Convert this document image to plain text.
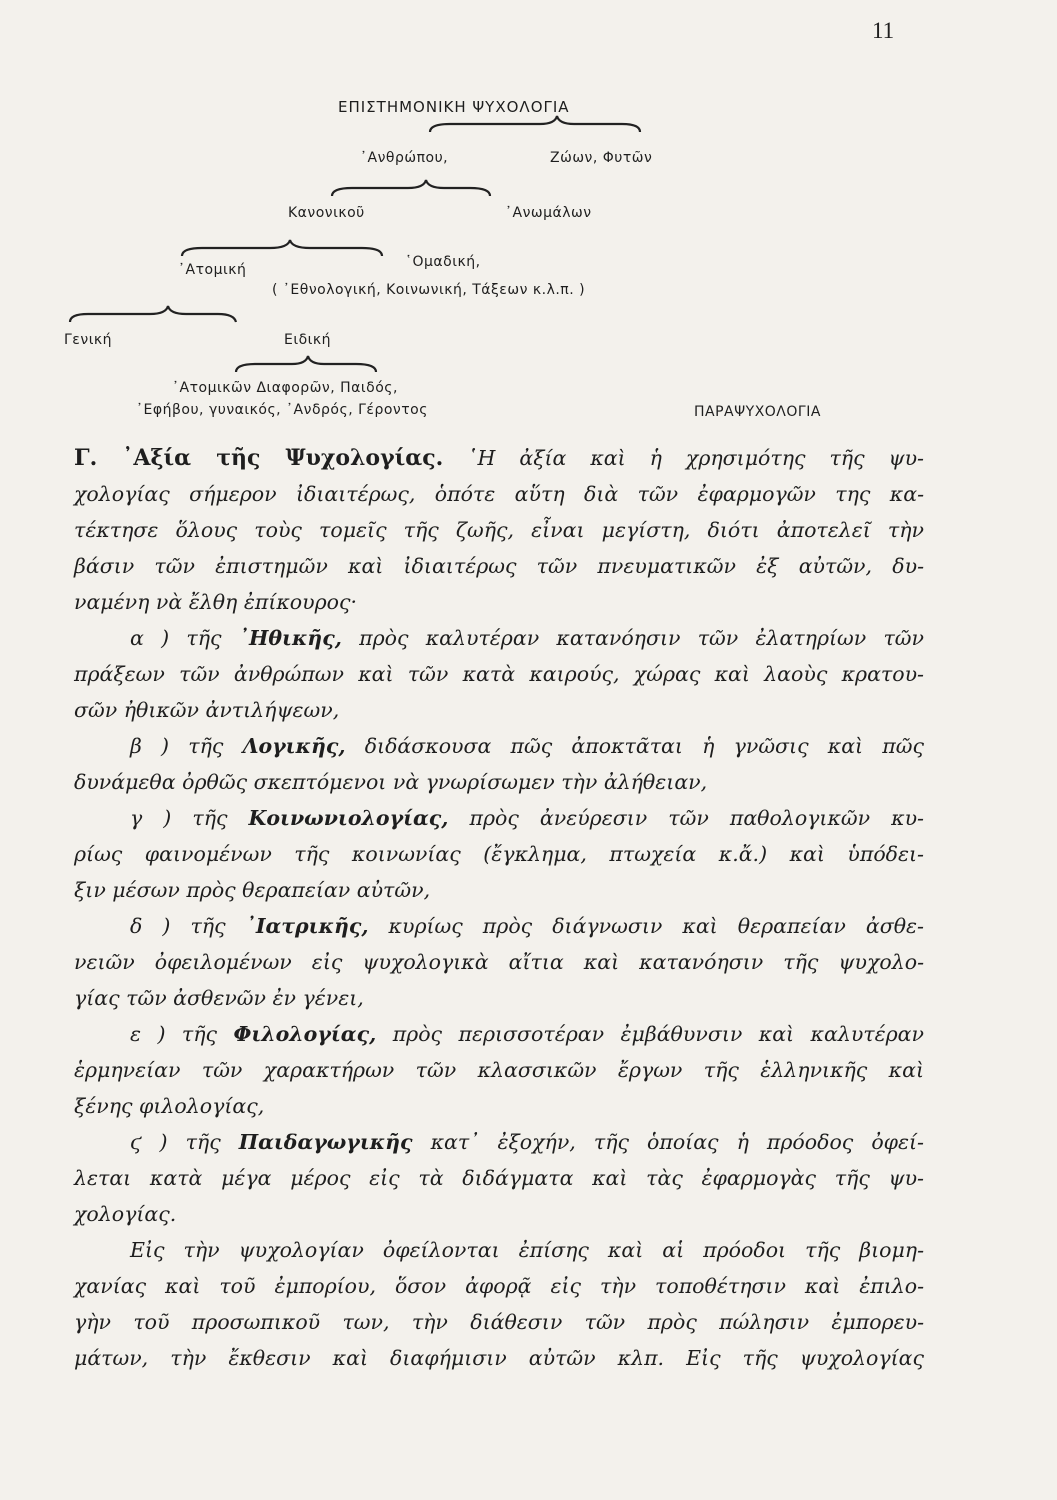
11
ΕΠΙΣΤΗΜΟΝΙΚΗ ΨΥΧΟΛΟΓΙΑ
᾿Ανθρώπου,	Ζώων, Φυτῶν
Κανονικοῦ	᾿Ανωμάλων
᾿Ατομική	῾Ομαδική,
( ᾿Εθνολογική, Κοινωνική, Τάξεων κ.λ.π. )
Γενική	Ειδική
᾿Ατομικῶν Διαφορῶν, Παιδός,
᾿Εφήβου, γυναικός, ᾿Ανδρός, Γέροντος	ΠΑΡΑΨΥΧΟΛΟΓΙΑ
Γ. ᾿Αξία τῆς Ψυχολογίας. ῾Η ἀξία καὶ ἡ χρησιμότης τῆς ψυ-
χολογίας σήμερον ἰδιαιτέρως, ὁπότε αὕτη διὰ τῶν ἐφαρμογῶν της κα-
τέκτησε ὅλους τοὺς τομεῖς τῆς ζωῆς, εἶναι μεγίστη, διότι ἀποτελεῖ τὴν
βάσιν τῶν ἐπιστημῶν καὶ ἰδιαιτέρως τῶν πνευματικῶν ἐξ αὐτῶν, δυ-
ναμένη νὰ ἔλθη ἐπίκουρος·
α ) τῆς ᾿Ηθικῆς, πρὸς καλυτέραν κατανόησιν τῶν ἐλατηρίων τῶν
πράξεων τῶν ἀνθρώπων καὶ τῶν κατὰ καιρούς, χώρας καὶ λαοὺς κρατου-
σῶν ἠθικῶν ἀντιλήψεων,
β ) τῆς Λογικῆς, διδάσκουσα πῶς ἀποκτᾶται ἡ γνῶσις καὶ πῶς
δυνάμεθα ὀρθῶς σκεπτόμενοι νὰ γνωρίσωμεν τὴν ἀλήθειαν,
γ ) τῆς Κοινωνιολογίας, πρὸς ἀνεύρεσιν τῶν παθολογικῶν κυ-
ρίως φαινομένων τῆς κοινωνίας (ἔγκλημα, πτωχεία κ.ἄ.) καὶ ὑπόδει-
ξιν μέσων πρὸς θεραπείαν αὐτῶν,
δ ) τῆς ᾿Ιατρικῆς, κυρίως πρὸς διάγνωσιν καὶ θεραπείαν ἀσθε-
νειῶν ὀφειλομένων εἰς ψυχολογικὰ αἴτια καὶ κατανόησιν τῆς ψυχολο-
γίας τῶν ἀσθενῶν ἐν γένει,
ε ) τῆς Φιλολογίας, πρὸς περισσοτέραν ἐμβάθυνσιν καὶ καλυτέραν
ἑρμηνείαν τῶν χαρακτήρων τῶν κλασσικῶν ἔργων τῆς ἑλληνικῆς καὶ
ξένης φιλολογίας,
ϛ ) τῆς Παιδαγωγικῆς κατ᾿ ἐξοχήν, τῆς ὁποίας ἡ πρόοδος ὀφεί-
λεται κατὰ μέγα μέρος εἰς τὰ διδάγματα καὶ τὰς ἐφαρμογὰς τῆς ψυ-
χολογίας.
Εἰς τὴν ψυχολογίαν ὀφείλονται ἐπίσης καὶ αἱ πρόοδοι τῆς βιομη-
χανίας καὶ τοῦ ἐμπορίου, ὅσον ἀφορᾷ εἰς τὴν τοποθέτησιν καὶ ἐπιλο-
γὴν τοῦ προσωπικοῦ των, τὴν διάθεσιν τῶν πρὸς πώλησιν ἐμπορευ-
μάτων, τὴν ἔκθεσιν καὶ διαφήμισιν αὐτῶν κλπ. Εἰς τῆς ψυχολογίας
